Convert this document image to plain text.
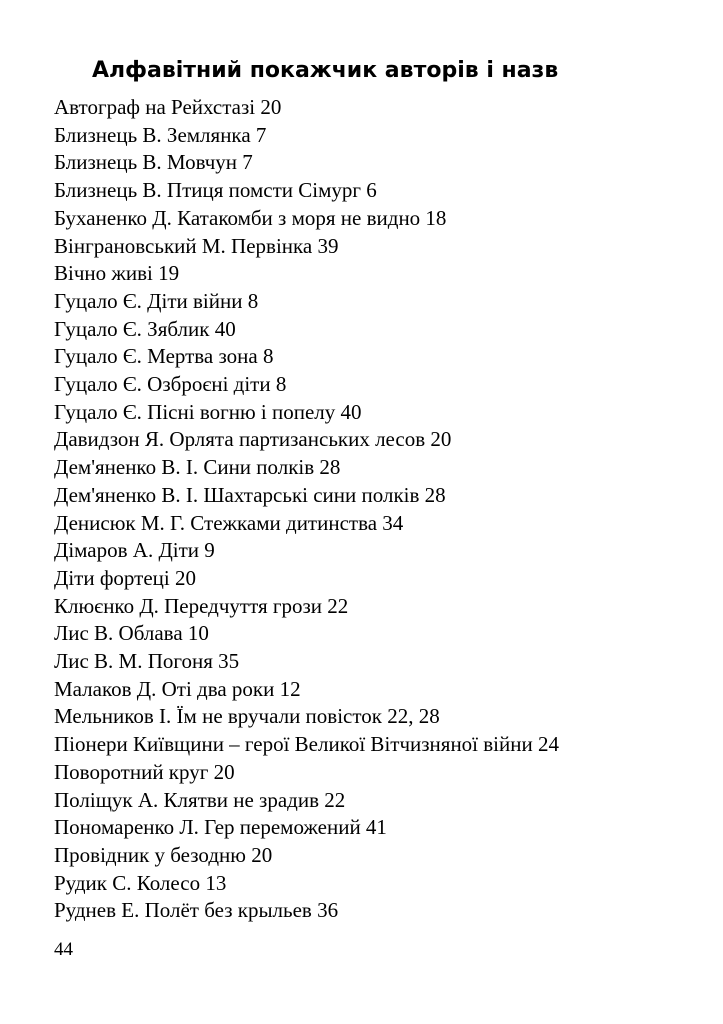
Алфавітний покажчик авторів і назв
Автограф на Рейхстазі 20
Близнець В. Землянка 7
Близнець В. Мовчун 7
Близнець В. Птиця помсти Сімург 6
Буханенко Д. Катакомби з моря не видно 18
Вінграновський М. Первінка 39
Вічно живі 19
Гуцало Є. Діти війни 8
Гуцало Є. Зяблик 40
Гуцало Є. Мертва зона 8
Гуцало Є. Озброєні діти 8
Гуцало Є. Пісні вогню і попелу 40
Давидзон Я. Орлята партизанських лесов 20
Дем'яненко В. І. Сини полків 28
Дем'яненко В. І. Шахтарські сини полків 28
Денисюк М. Г. Стежками дитинства 34
Дімаров А. Діти 9
Діти фортеці 20
Клюєнко Д. Передчуття грози 22
Лис В. Облава 10
Лис В. М. Погоня 35
Малаков Д. Оті два роки 12
Мельников І. Їм не вручали повісток 22, 28
Піонери Київщини – герої Великої Вітчизняної війни 24
Поворотний круг 20
Поліщук А. Клятви не зрадив 22
Пономаренко Л. Гер переможений 41
Провідник у безодню 20
Рудик С. Колесо 13
Руднев Е. Полёт без крыльев 36
44
